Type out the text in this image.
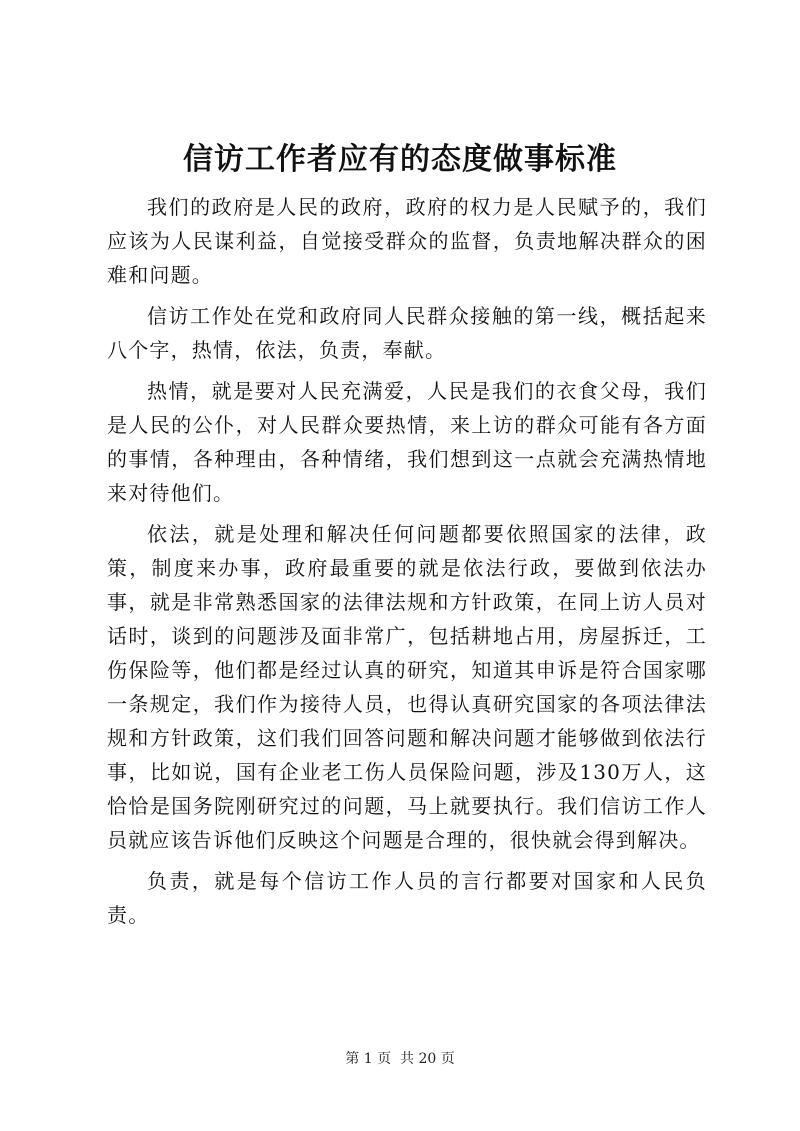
信访工作者应有的态度做事标准

我们的政府是人民的政府，政府的权力是人民赋予的，我们应该为人民谋利益，自觉接受群众的监督，负责地解决群众的困难和问题。

信访工作处在党和政府同人民群众接触的第一线，概括起来八个字，热情，依法，负责，奉献。

热情，就是要对人民充满爱，人民是我们的衣食父母，我们是人民的公仆，对人民群众要热情，来上访的群众可能有各方面的事情，各种理由，各种情绪，我们想到这一点就会充满热情地来对待他们。

依法，就是处理和解决任何问题都要依照国家的法律，政策，制度来办事，政府最重要的就是依法行政，要做到依法办事，就是非常熟悉国家的法律法规和方针政策，在同上访人员对话时，谈到的问题涉及面非常广，包括耕地占用，房屋拆迁，工伤保险等，他们都是经过认真的研究，知道其申诉是符合国家哪一条规定，我们作为接待人员，也得认真研究国家的各项法律法规和方针政策，这们我们回答问题和解决问题才能够做到依法行事，比如说，国有企业老工伤人员保险问题，涉及130万人，这恰恰是国务院刚研究过的问题，马上就要执行。我们信访工作人员就应该告诉他们反映这个问题是合理的，很快就会得到解决。

负责，就是每个信访工作人员的言行都要对国家和人民负责。

第 1 页  共 20 页
